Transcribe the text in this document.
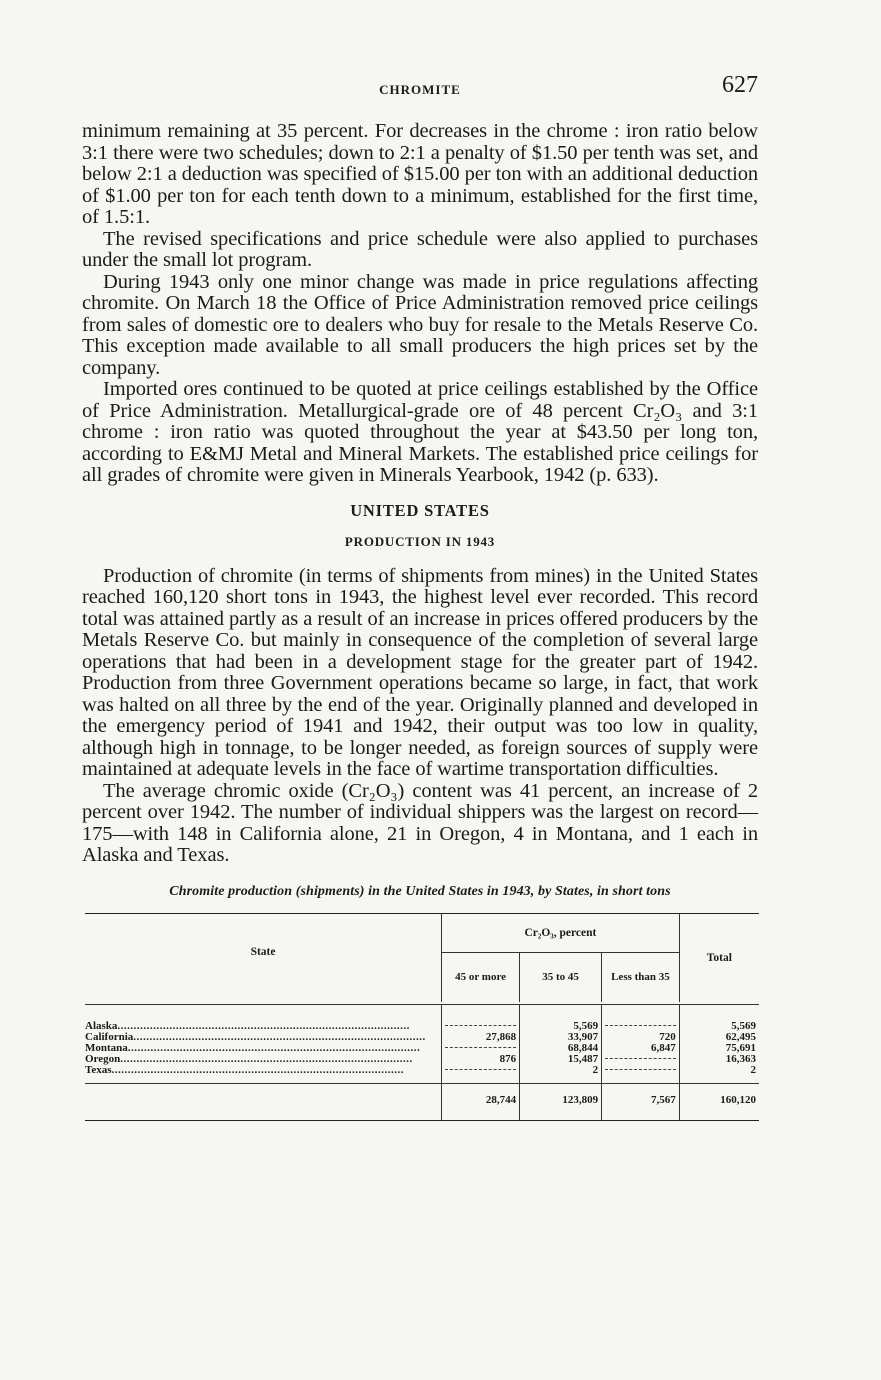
CHROMITE	627

minimum remaining at 35 percent. For decreases in the chrome : iron ratio below 3:1 there were two schedules; down to 2:1 a penalty of $1.50 per tenth was set, and below 2:1 a deduction was specified of $15.00 per ton with an additional deduction of $1.00 per ton for each tenth down to a minimum, established for the first time, of 1.5:1.

The revised specifications and price schedule were also applied to purchases under the small lot program.

During 1943 only one minor change was made in price regulations affecting chromite. On March 18 the Office of Price Administration removed price ceilings from sales of domestic ore to dealers who buy for resale to the Metals Reserve Co. This exception made available to all small producers the high prices set by the company.

Imported ores continued to be quoted at price ceilings established by the Office of Price Administration. Metallurgical-grade ore of 48 percent Cr₂O₃ and 3:1 chrome : iron ratio was quoted throughout the year at $43.50 per long ton, according to E&MJ Metal and Mineral Markets. The established price ceilings for all grades of chromite were given in Minerals Yearbook, 1942 (p. 633).

UNITED STATES
PRODUCTION IN 1943

Production of chromite (in terms of shipments from mines) in the United States reached 160,120 short tons in 1943, the highest level ever recorded. This record total was attained partly as a result of an increase in prices offered producers by the Metals Reserve Co. but mainly in consequence of the completion of several large operations that had been in a development stage for the greater part of 1942. Production from three Government operations became so large, in fact, that work was halted on all three by the end of the year. Originally planned and developed in the emergency period of 1941 and 1942, their output was too low in quality, although high in tonnage, to be longer needed, as foreign sources of supply were maintained at adequate levels in the face of wartime transportation difficulties.

The average chromic oxide (Cr₂O₃) content was 41 percent, an increase of 2 percent over 1942. The number of individual shippers was the largest on record—175—with 148 in California alone, 21 in Oregon, 4 in Montana, and 1 each in Alaska and Texas.

Chromite production (shipments) in the United States in 1943, by States, in short tons
State	Cr₂O₃, percent			Total
	45 or more	35 to 45	Less than 35	

Alaska .....		5,569		5,569
California .....	27,868	33,907	720	62,495
Montana .....		68,844	6,847	75,691
Oregon .....	876	15,487		16,363
Texas .....		2		2
	28,744	123,809	7,567	160,120
